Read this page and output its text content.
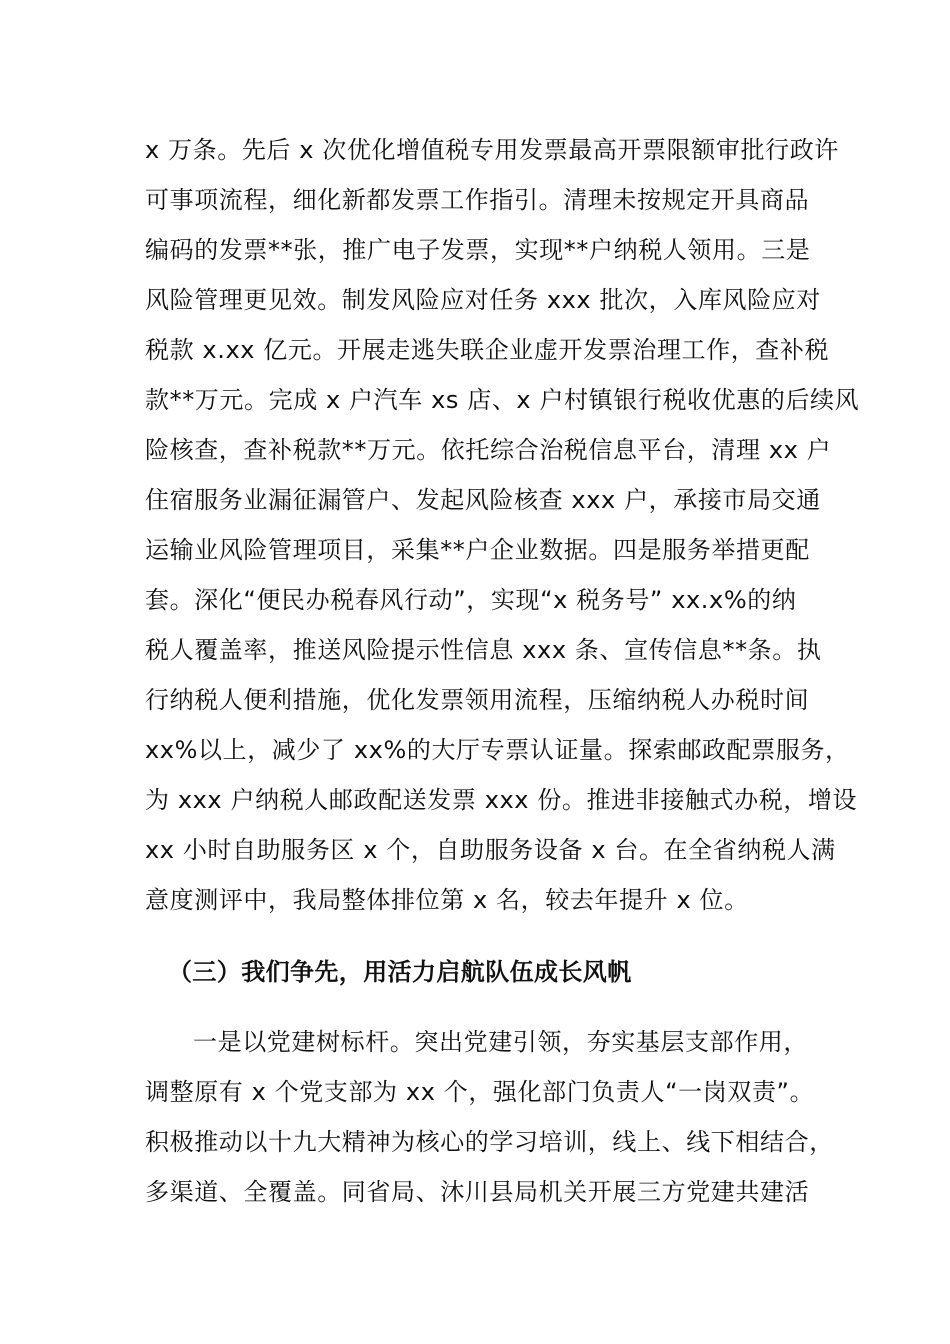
x 万条。先后 x 次优化增值税专用发票最高开票限额审批行政许
可事项流程，细化新都发票工作指引。清理未按规定开具商品
编码的发票**张，推广电子发票，实现**户纳税人领用。三是
风险管理更见效。制发风险应对任务 xxx 批次，入库风险应对
税款 x.xx 亿元。开展走逃失联企业虚开发票治理工作，查补税
款**万元。完成 x 户汽车 xs 店、x 户村镇银行税收优惠的后续风
险核查，查补税款**万元。依托综合治税信息平台，清理 xx 户
住宿服务业漏征漏管户、发起风险核查 xxx 户，承接市局交通
运输业风险管理项目，采集**户企业数据。四是服务举措更配
套。深化“便民办税春风行动”，实现“x 税务号” xx.x%的纳
税人覆盖率，推送风险提示性信息 xxx 条、宣传信息**条。执
行纳税人便利措施，优化发票领用流程，压缩纳税人办税时间
xx%以上，减少了 xx%的大厅专票认证量。探索邮政配票服务，
为 xxx 户纳税人邮政配送发票 xxx 份。推进非接触式办税，增设
xx 小时自助服务区 x 个，自助服务设备 x 台。在全省纳税人满
意度测评中，我局整体排位第 x 名，较去年提升 x 位。
（三）我们争先，用活力启航队伍成长风帆
一是以党建树标杆。突出党建引领，夯实基层支部作用，
调整原有 x 个党支部为 xx 个，强化部门负责人“一岗双责”。
积极推动以十九大精神为核心的学习培训，线上、线下相结合，
多渠道、全覆盖。同省局、沐川县局机关开展三方党建共建活
